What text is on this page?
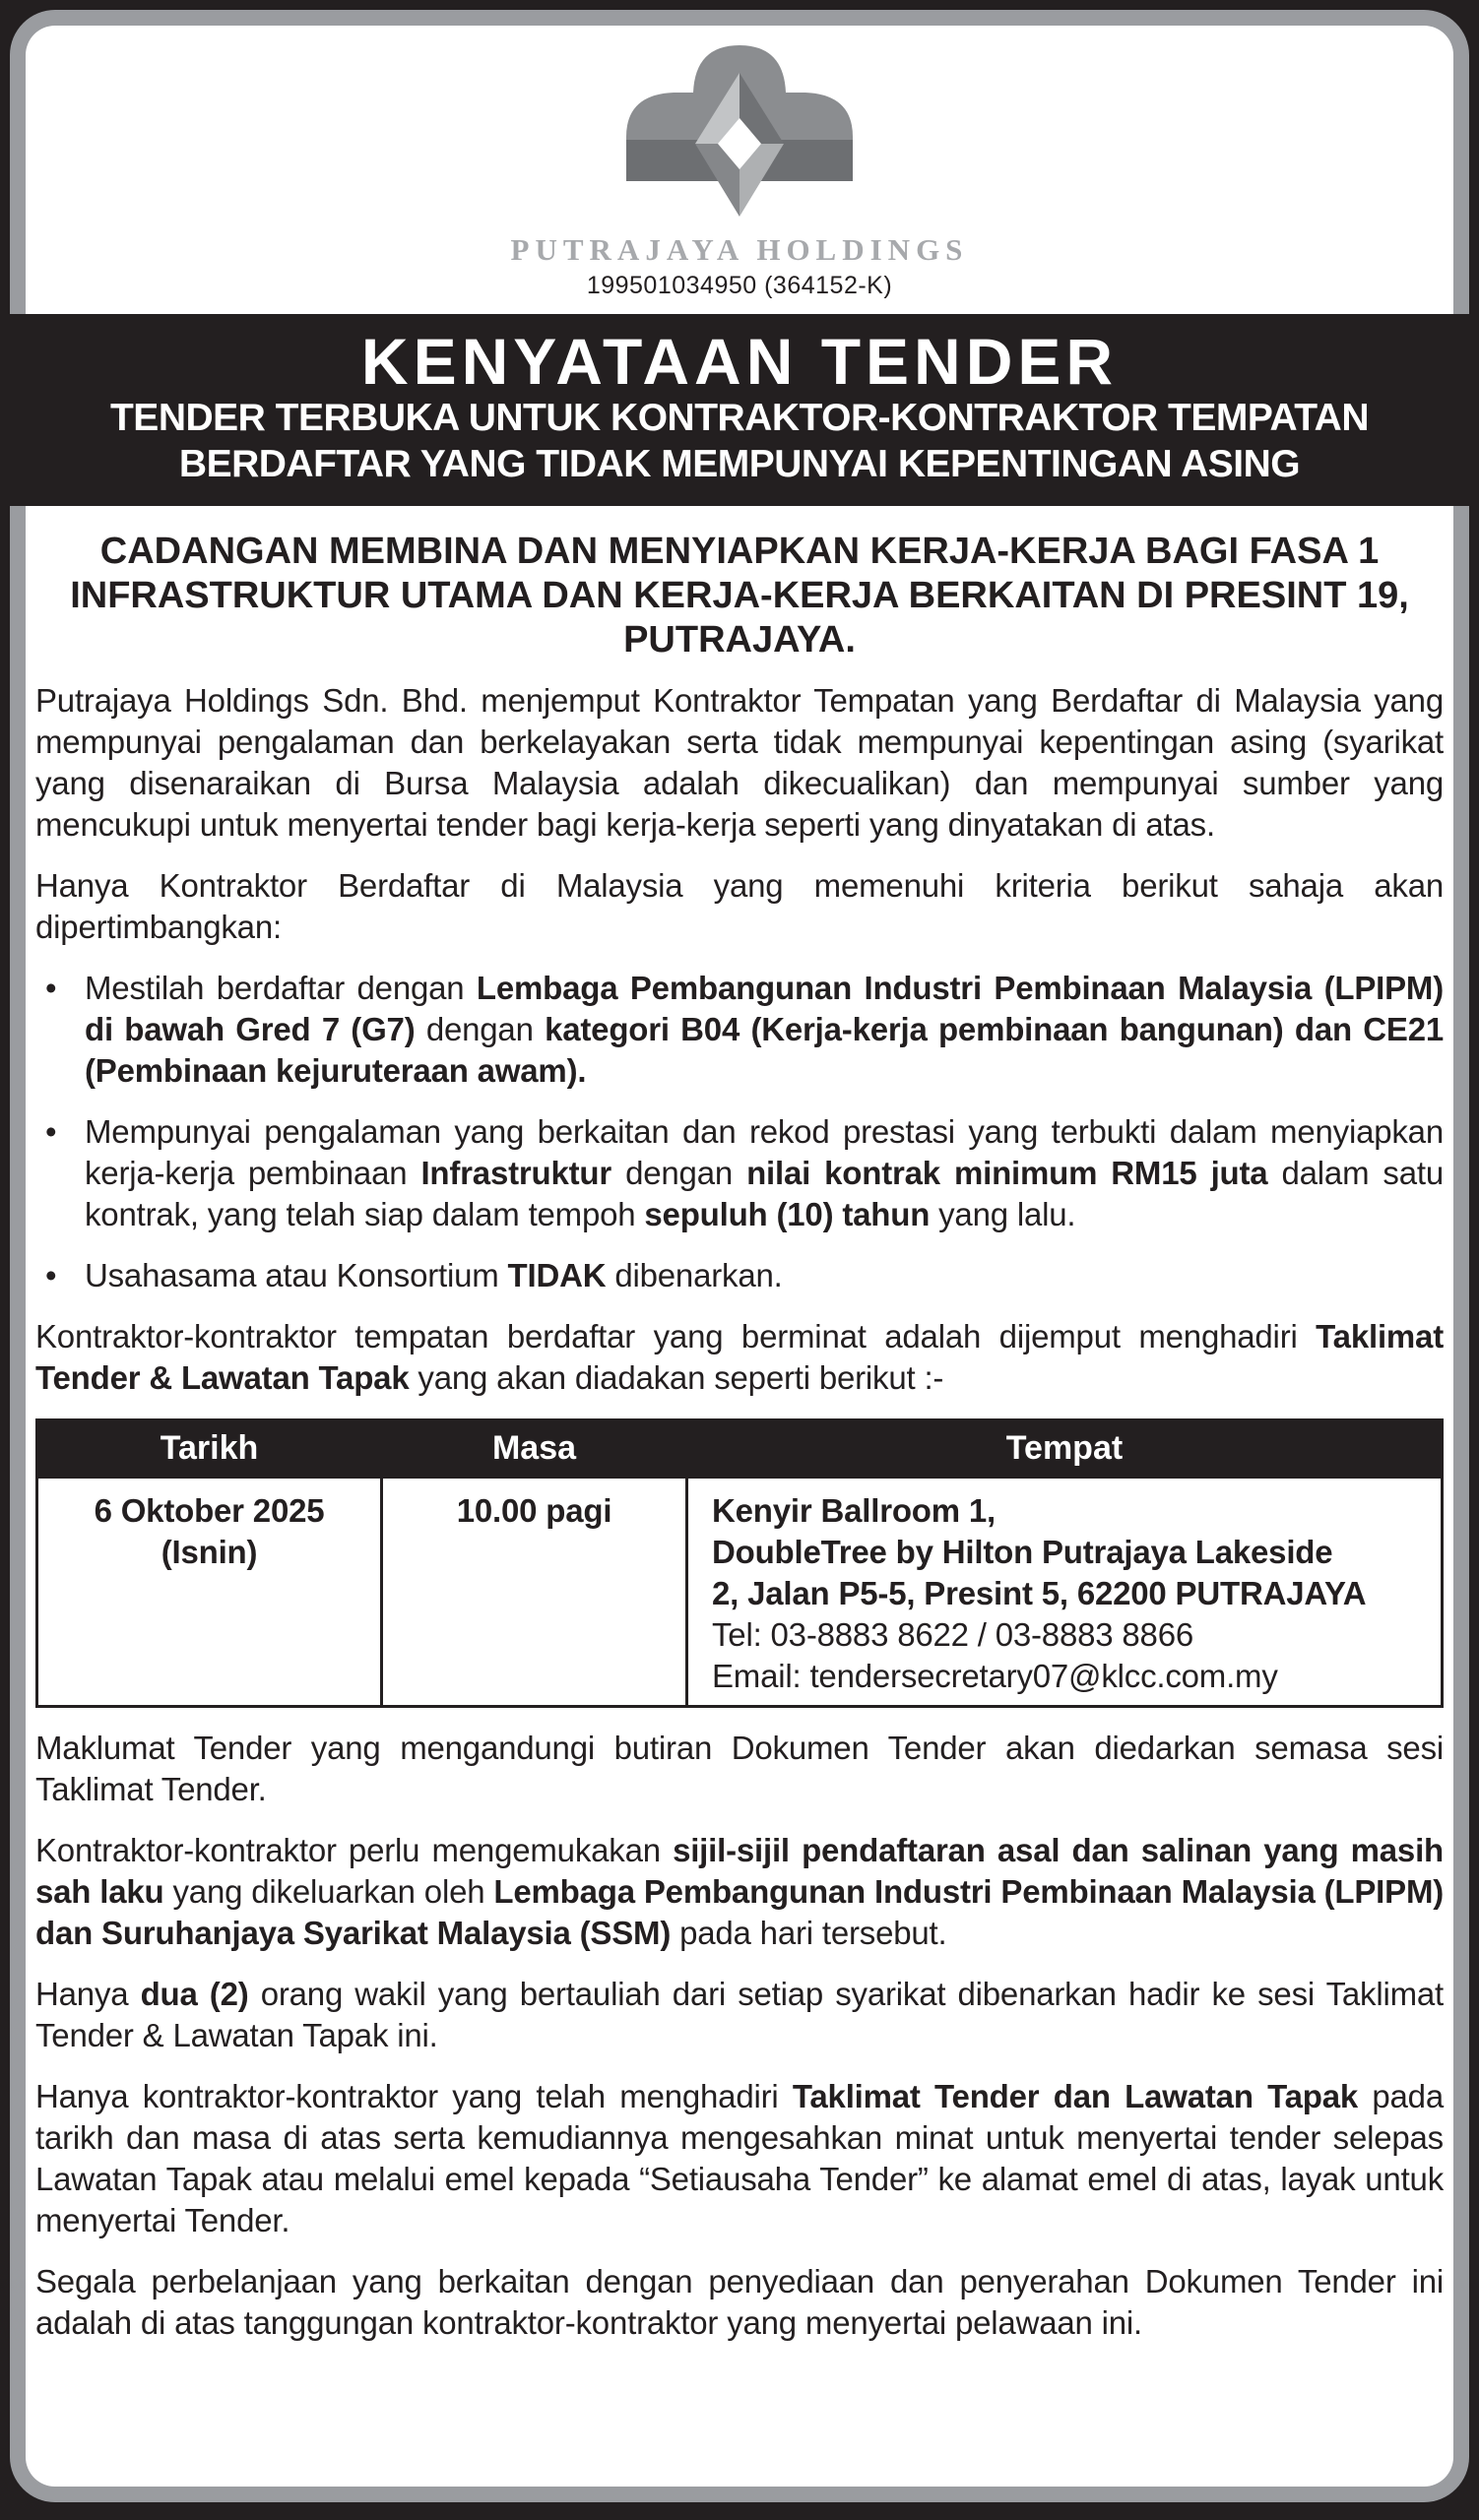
PUTRAJAYA HOLDINGS
199501034950 (364152-K)
KENYATAAN TENDER
TENDER TERBUKA UNTUK KONTRAKTOR-KONTRAKTOR TEMPATAN
BERDAFTAR YANG TIDAK MEMPUNYAI KEPENTINGAN ASING
CADANGAN MEMBINA DAN MENYIAPKAN KERJA-KERJA BAGI FASA 1
INFRASTRUKTUR UTAMA DAN KERJA-KERJA BERKAITAN DI PRESINT 19,
PUTRAJAYA.

Putrajaya Holdings Sdn. Bhd. menjemput Kontraktor Tempatan yang Berdaftar di Malaysia yang mempunyai pengalaman dan berkelayakan serta tidak mempunyai kepentingan asing (syarikat yang disenaraikan di Bursa Malaysia adalah dikecualikan) dan mempunyai sumber yang mencukupi untuk menyertai tender bagi kerja-kerja seperti yang dinyatakan di atas.

Hanya Kontraktor Berdaftar di Malaysia yang memenuhi kriteria berikut sahaja akan dipertimbangkan:

• Mestilah berdaftar dengan Lembaga Pembangunan Industri Pembinaan Malaysia (LPIPM) di bawah Gred 7 (G7) dengan kategori B04 (Kerja-kerja pembinaan bangunan) dan CE21 (Pembinaan kejuruteraan awam).
• Mempunyai pengalaman yang berkaitan dan rekod prestasi yang terbukti dalam menyiapkan kerja-kerja pembinaan Infrastruktur dengan nilai kontrak minimum RM15 juta dalam satu kontrak, yang telah siap dalam tempoh sepuluh (10) tahun yang lalu.
• Usahasama atau Konsortium TIDAK dibenarkan.

Kontraktor-kontraktor tempatan berdaftar yang berminat adalah dijemput menghadiri Taklimat Tender & Lawatan Tapak yang akan diadakan seperti berikut :-

Tarikh	Masa	Tempat

6 Oktober 2025
(Isnin)	10.00 pagi	Kenyir Ballroom 1,
DoubleTree by Hilton Putrajaya Lakeside
2, Jalan P5-5, Presint 5, 62200 PUTRAJAYA
Tel: 03-8883 8622 / 03-8883 8866
Email: tendersecretary07@klcc.com.my

Maklumat Tender yang mengandungi butiran Dokumen Tender akan diedarkan semasa sesi Taklimat Tender.

Kontraktor-kontraktor perlu mengemukakan sijil-sijil pendaftaran asal dan salinan yang masih sah laku yang dikeluarkan oleh Lembaga Pembangunan Industri Pembinaan Malaysia (LPIPM) dan Suruhanjaya Syarikat Malaysia (SSM) pada hari tersebut.

Hanya dua (2) orang wakil yang bertauliah dari setiap syarikat dibenarkan hadir ke sesi Taklimat Tender & Lawatan Tapak ini.

Hanya kontraktor-kontraktor yang telah menghadiri Taklimat Tender dan Lawatan Tapak pada tarikh dan masa di atas serta kemudiannya mengesahkan minat untuk menyertai tender selepas Lawatan Tapak atau melalui emel kepada “Setiausaha Tender” ke alamat emel di atas, layak untuk menyertai Tender.

Segala perbelanjaan yang berkaitan dengan penyediaan dan penyerahan Dokumen Tender ini adalah di atas tanggungan kontraktor-kontraktor yang menyertai pelawaan ini.
